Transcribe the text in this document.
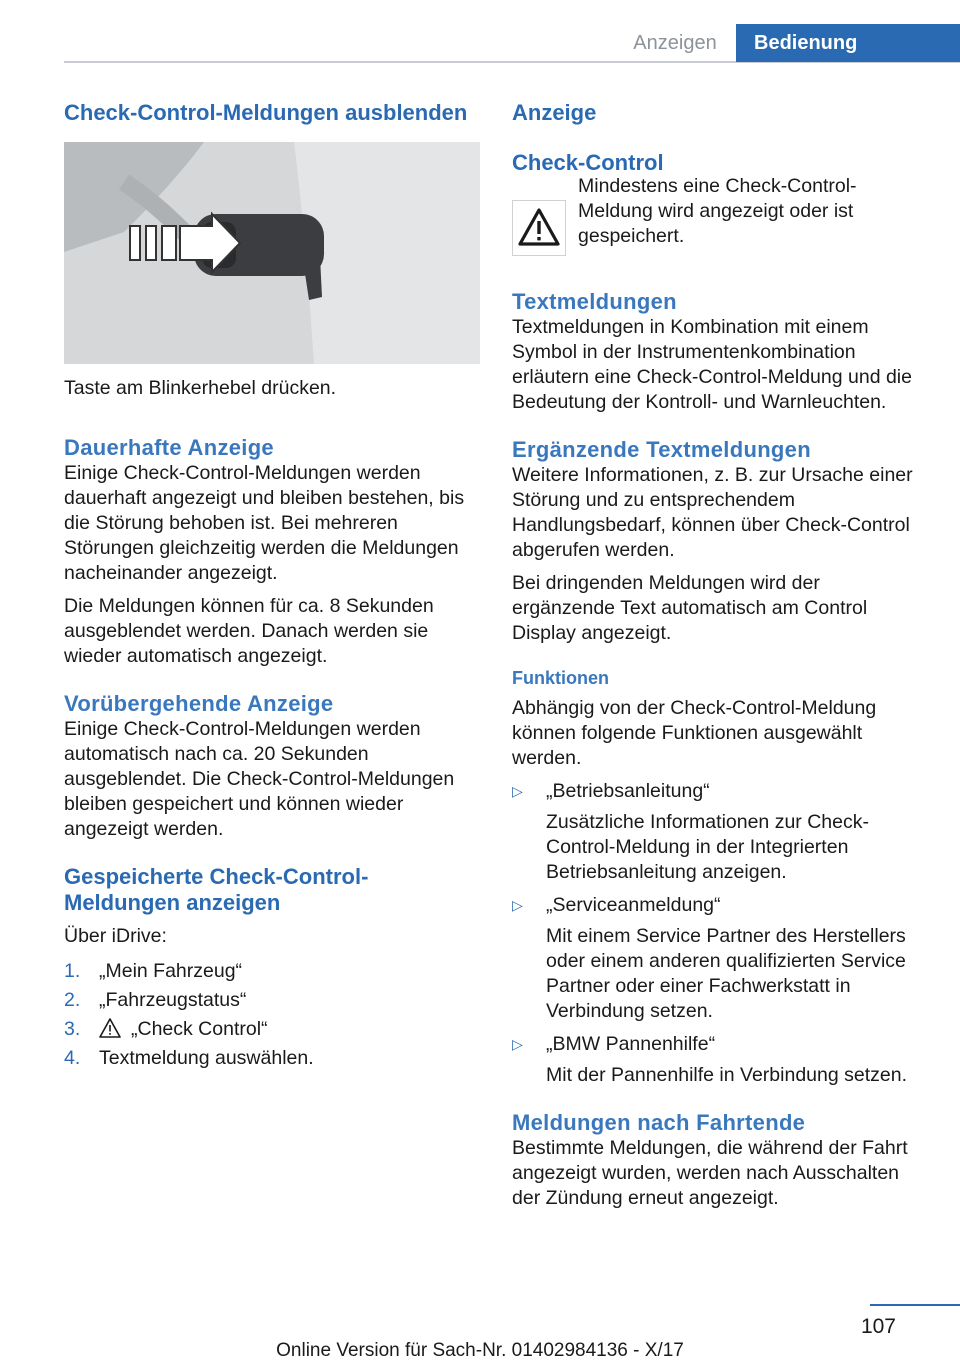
Anzeigen	Bedienung
Check-Control-Meldungen ausblenden

Taste am Blinkerhebel drücken.

Dauerhafte Anzeige

Einige Check-Control-Meldungen werden dauerhaft angezeigt und bleiben bestehen, bis die Störung behoben ist. Bei mehreren Störungen gleichzeitig werden die Meldungen nacheinander angezeigt.

Die Meldungen können für ca. 8 Sekunden ausgeblendet werden. Danach werden sie wieder automatisch angezeigt.

Vorübergehende Anzeige

Einige Check-Control-Meldungen werden automatisch nach ca. 20 Sekunden ausgeblendet. Die Check-Control-Meldungen bleiben gespeichert und können wieder angezeigt werden.

Gespeicherte Check-Control-Meldungen anzeigen

Über iDrive:

1. „Mein Fahrzeug“
2. „Fahrzeugstatus“
3.	„Check Control“
4. Textmeldung auswählen.
Anzeige
Check-Control

Mindestens eine Check-Control-Meldung wird angezeigt oder ist gespeichert.

Textmeldungen

Textmeldungen in Kombination mit einem Symbol in der Instrumentenkombination erläutern eine Check-Control-Meldung und die Bedeutung der Kontroll- und Warnleuchten.

Ergänzende Textmeldungen

Weitere Informationen, z. B. zur Ursache einer Störung und zu entsprechendem Handlungsbedarf, können über Check-Control abgerufen werden.

Bei dringenden Meldungen wird der ergänzende Text automatisch am Control Display angezeigt.

Funktionen

Abhängig von der Check-Control-Meldung können folgende Funktionen ausgewählt werden.

▷ „Betriebsanleitung“
Zusätzliche Informationen zur Check-Control-Meldung in der Integrierten Betriebsanleitung anzeigen.
▷ „Serviceanmeldung“
Mit einem Service Partner des Herstellers oder einem anderen qualifizierten Service Partner oder einer Fachwerkstatt in Verbindung setzen.
▷ „BMW Pannenhilfe“
Mit der Pannenhilfe in Verbindung setzen.
Meldungen nach Fahrtende

Bestimmte Meldungen, die während der Fahrt angezeigt wurden, werden nach Ausschalten der Zündung erneut angezeigt.

107
Online Version für Sach-Nr. 01402984136 - X/17
